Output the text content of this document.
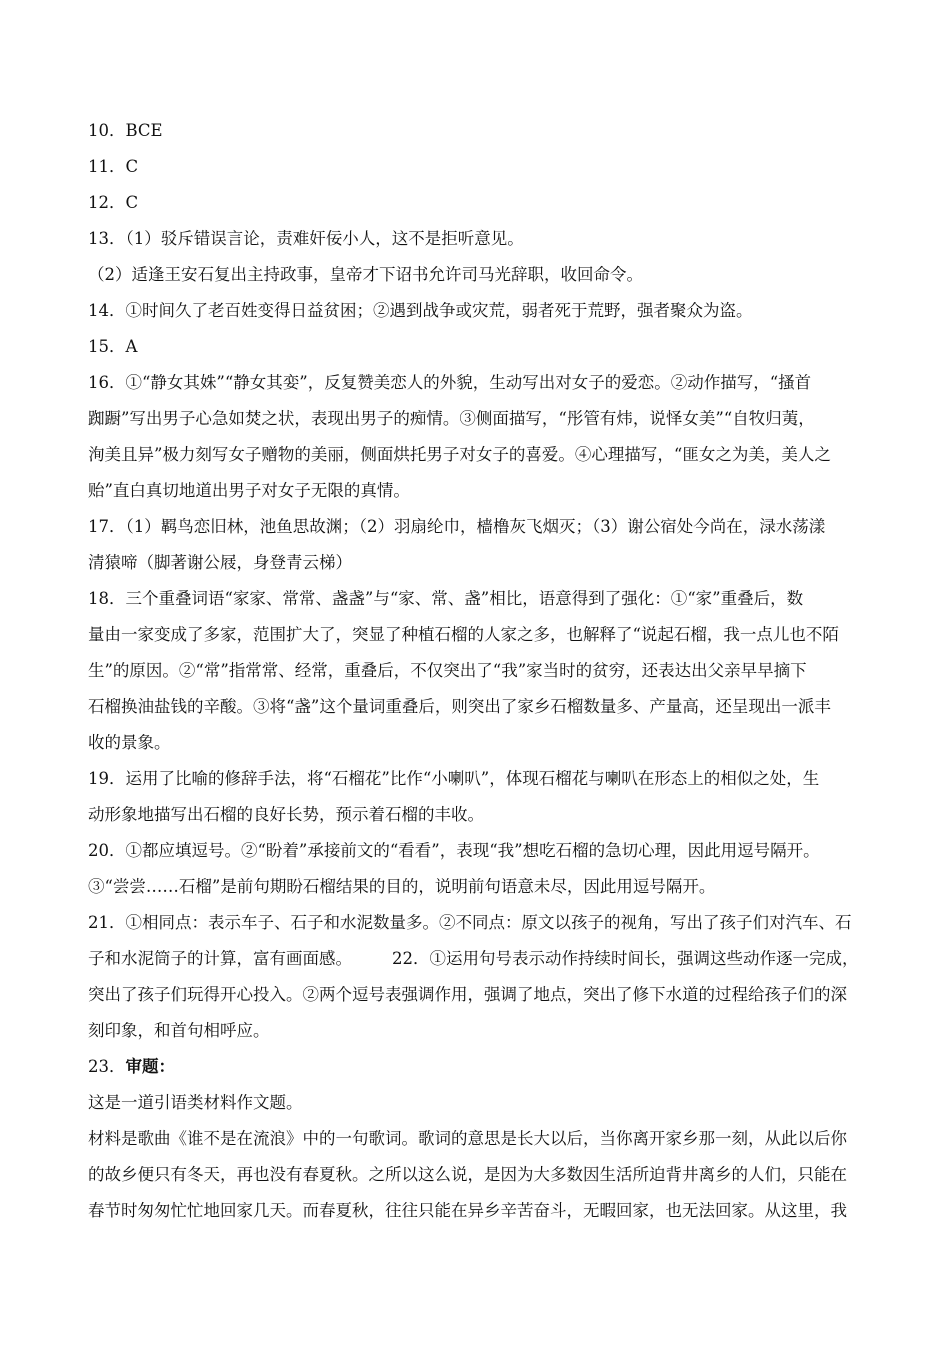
10．BCE
11．C
12．C
13．（1）驳斥错误言论，责难奸佞小人，这不是拒听意见。
（2）适逢王安石复出主持政事，皇帝才下诏书允许司马光辞职，收回命令。
14．①时间久了老百姓变得日益贫困；②遇到战争或灾荒，弱者死于荒野，强者聚众为盗。
15．A
16．①“静女其姝”“静女其娈”，反复赞美恋人的外貌，生动写出对女子的爱恋。②动作描写，“搔首
踟蹰”写出男子心急如焚之状，表现出男子的痴情。③侧面描写，“彤管有炜，说怿女美”“自牧归荑，
洵美且异”极力刻写女子赠物的美丽，侧面烘托男子对女子的喜爱。④心理描写，“匪女之为美，美人之
贻”直白真切地道出男子对女子无限的真情。
17．（1）羁鸟恋旧林，池鱼思故渊；（2）羽扇纶巾，樯橹灰飞烟灭；（3）谢公宿处今尚在，渌水荡漾
清猿啼（脚著谢公屐，身登青云梯）
18．三个重叠词语“家家、常常、盏盏”与“家、常、盏”相比，语意得到了强化：①“家”重叠后，数
量由一家变成了多家，范围扩大了，突显了种植石榴的人家之多，也解释了“说起石榴，我一点儿也不陌
生”的原因。②“常”指常常、经常，重叠后，不仅突出了“我”家当时的贫穷，还表达出父亲早早摘下
石榴换油盐钱的辛酸。③将“盏”这个量词重叠后，则突出了家乡石榴数量多、产量高，还呈现出一派丰
收的景象。
19．运用了比喻的修辞手法，将“石榴花”比作“小喇叭”，体现石榴花与喇叭在形态上的相似之处，生
动形象地描写出石榴的良好长势，预示着石榴的丰收。
20．①都应填逗号。②“盼着”承接前文的“看看”，表现“我”想吃石榴的急切心理，因此用逗号隔开。
③“尝尝……石榴”是前句期盼石榴结果的目的，说明前句语意未尽，因此用逗号隔开。
21．①相同点：表示车子、石子和水泥数量多。②不同点：原文以孩子的视角，写出了孩子们对汽车、石
子和水泥筒子的计算，富有画面感。 22．①运用句号表示动作持续时间长，强调这些动作逐一完成，
突出了孩子们玩得开心投入。②两个逗号表强调作用，强调了地点，突出了修下水道的过程给孩子们的深
刻印象，和首句相呼应。
23．审题：
这是一道引语类材料作文题。
材料是歌曲《谁不是在流浪》中的一句歌词。歌词的意思是长大以后，当你离开家乡那一刻，从此以后你
的故乡便只有冬天，再也没有春夏秋。之所以这么说，是因为大多数因生活所迫背井离乡的人们，只能在
春节时匆匆忙忙地回家几天。而春夏秋，往往只能在异乡辛苦奋斗，无暇回家，也无法回家。从这里，我
